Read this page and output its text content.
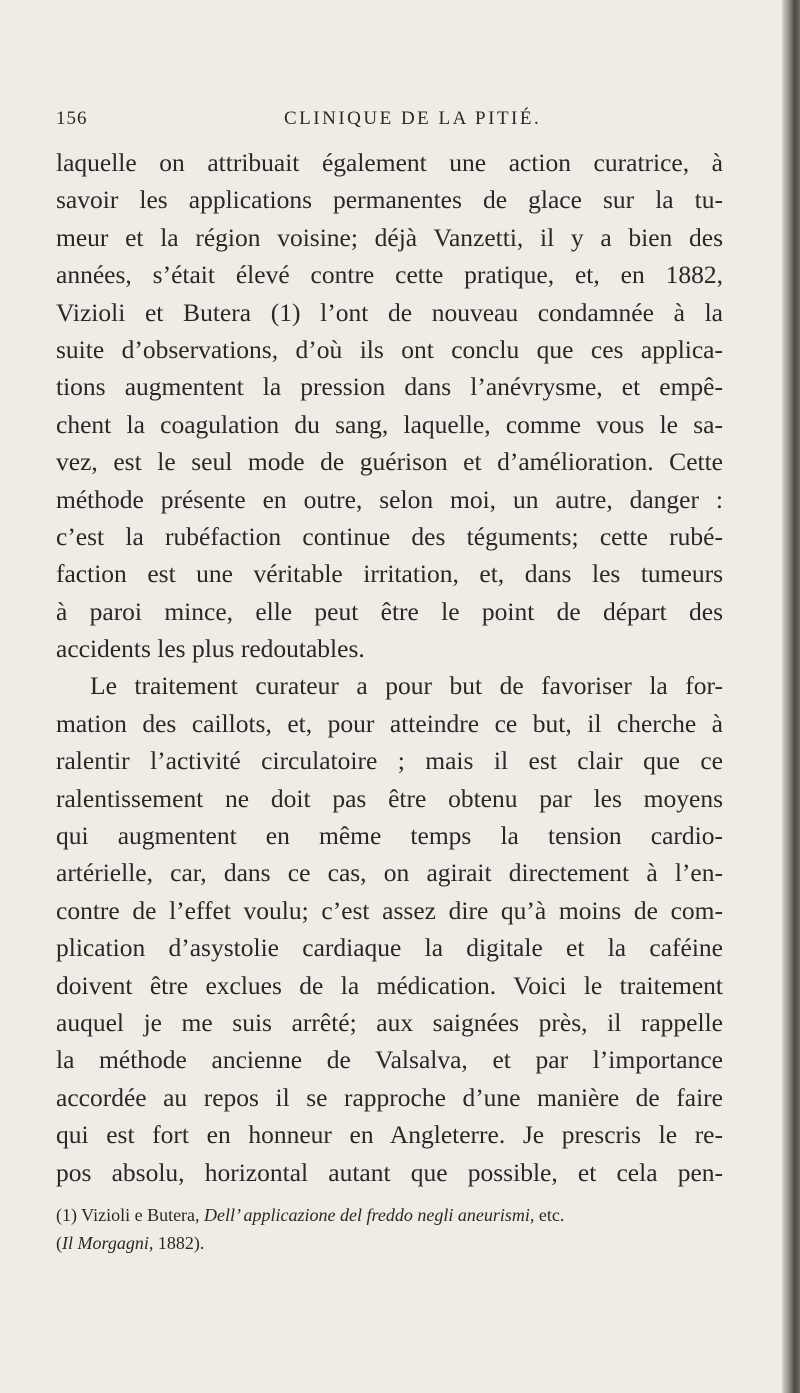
156	CLINIQUE DE LA PITIÉ.
laquelle on attribuait également une action curatrice, à
savoir les applications permanentes de glace sur la tu-
meur et la région voisine; déjà Vanzetti, il y a bien des
années, s’était élevé contre cette pratique, et, en 1882,
Vizioli et Butera (1) l’ont de nouveau condamnée à la
suite d’observations, d’où ils ont conclu que ces applica-
tions augmentent la pression dans l’anévrysme, et empê-
chent la coagulation du sang, laquelle, comme vous le sa-
vez, est le seul mode de guérison et d’amélioration. Cette
méthode présente en outre, selon moi, un autre, danger :
c’est la rubéfaction continue des téguments; cette rubé-
faction est une véritable irritation, et, dans les tumeurs
à paroi mince, elle peut être le point de départ des
accidents les plus redoutables.
Le traitement curateur a pour but de favoriser la for-
mation des caillots, et, pour atteindre ce but, il cherche à
ralentir l’activité circulatoire ; mais il est clair que ce
ralentissement ne doit pas être obtenu par les moyens
qui augmentent en même temps la tension cardio-
artérielle, car, dans ce cas, on agirait directement à l’en-
contre de l’effet voulu; c’est assez dire qu’à moins de com-
plication d’asystolie cardiaque la digitale et la caféine
doivent être exclues de la médication. Voici le traitement
auquel je me suis arrêté; aux saignées près, il rappelle
la méthode ancienne de Valsalva, et par l’importance
accordée au repos il se rapproche d’une manière de faire
qui est fort en honneur en Angleterre. Je prescris le re-
pos absolu, horizontal autant que possible, et cela pen-
(1) Vizioli e Butera, Dell’ applicazione del freddo negli aneurismi, etc.
(Il Morgagni, 1882).
